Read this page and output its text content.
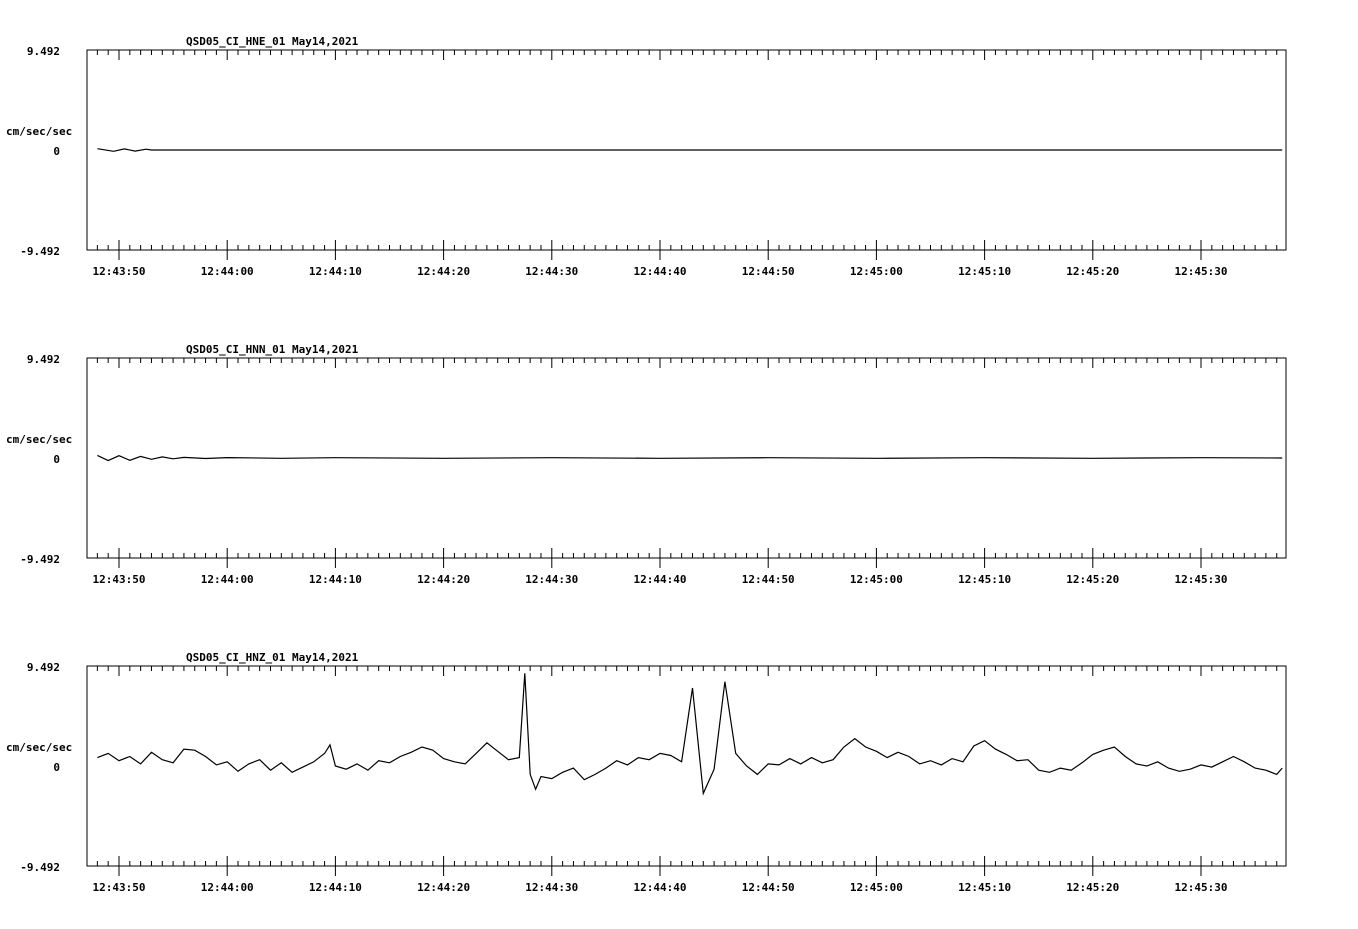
QSD05_CI_HNE_01 May14,2021
9.492
0
-9.492
cm/sec/sec
12:43:50	12:44:00	12:44:10	12:44:20	12:44:30	12:44:40	12:44:50	12:45:00	12:45:10	12:45:20	12:45:30
QSD05_CI_HNN_01 May14,2021
9.492
0
-9.492
cm/sec/sec
12:43:50	12:44:00	12:44:10	12:44:20	12:44:30	12:44:40	12:44:50	12:45:00	12:45:10	12:45:20	12:45:30
QSD05_CI_HNZ_01 May14,2021
9.492
0
-9.492
cm/sec/sec
12:43:50	12:44:00	12:44:10	12:44:20	12:44:30	12:44:40	12:44:50	12:45:00	12:45:10	12:45:20	12:45:30
